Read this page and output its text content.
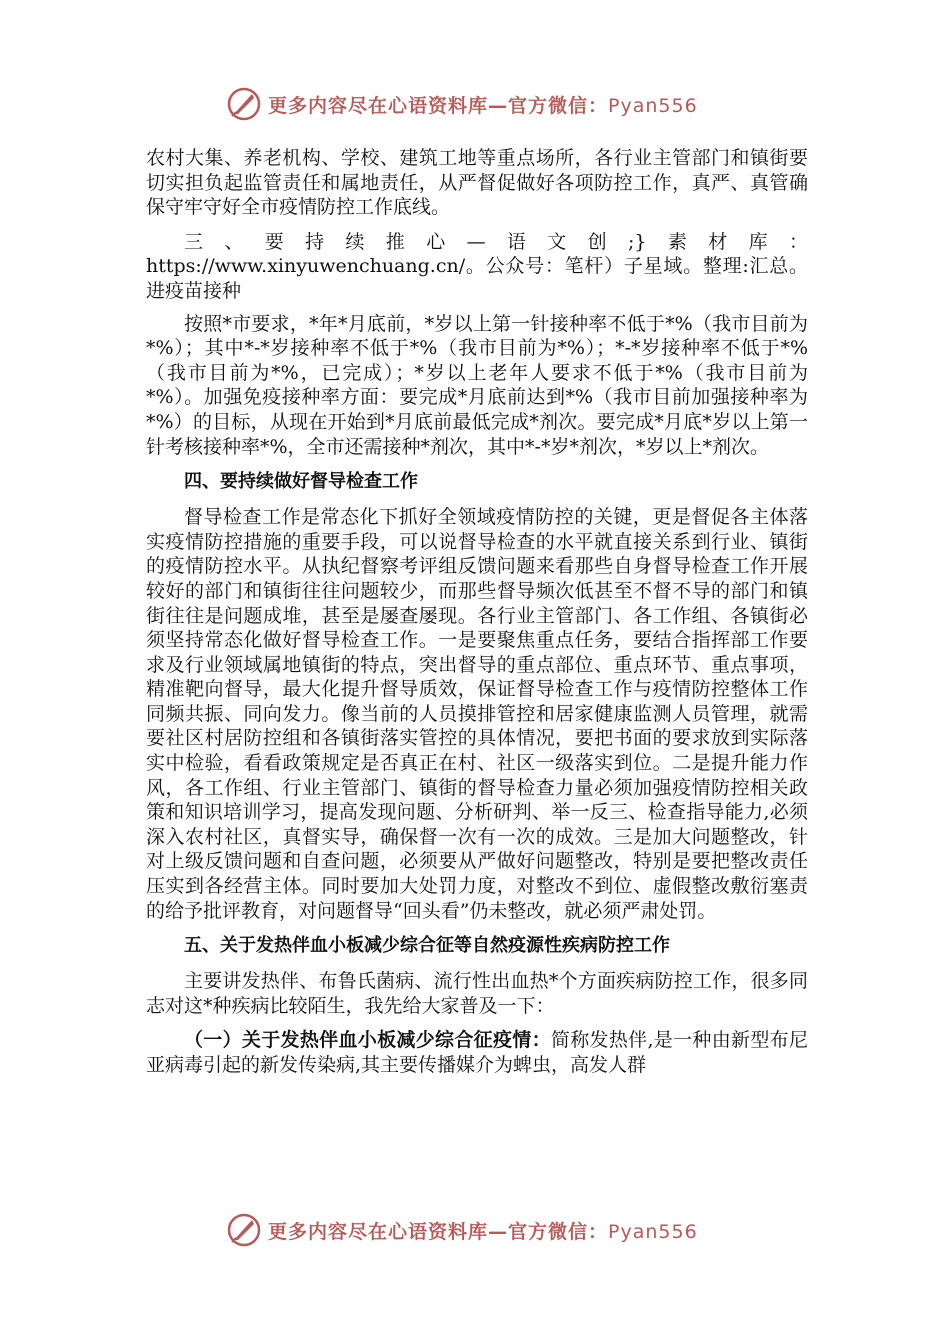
更多内容尽在心语资料库—官方微信：Pyan556

农村大集、养老机构、学校、建筑工地等重点场所，各行业主管部门和镇街要切实担负起监管责任和属地责任，从严督促做好各项防控工作，真严、真管确保守牢守好全市疫情防控工作底线。

三、要持续推心—语文创;}素材库：https://www.xinyuwenchuang.cn/。公众号：笔杆）子星域。整理:汇总。进疫苗接种

按照*市要求，*年*月底前，*岁以上第一针接种率不低于*%（我市目前为*%）；其中*-*岁接种率不低于*%（我市目前为*%）；*-*岁接种率不低于*%（我市目前为*%，已完成）；*岁以上老年人要求不低于*%（我市目前为*%）。加强免疫接种率方面：要完成*月底前达到*%（我市目前加强接种率为*%）的目标，从现在开始到*月底前最低完成*剂次。要完成*月底*岁以上第一针考核接种率*%，全市还需接种*剂次，其中*-*岁*剂次，*岁以上*剂次。

四、要持续做好督导检查工作

督导检查工作是常态化下抓好全领域疫情防控的关键，更是督促各主体落实疫情防控措施的重要手段，可以说督导检查的水平就直接关系到行业、镇街的疫情防控水平。从执纪督察考评组反馈问题来看那些自身督导检查工作开展较好的部门和镇街往往问题较少，而那些督导频次低甚至不督不导的部门和镇街往往是问题成堆，甚至是屡查屡现。各行业主管部门、各工作组、各镇街必须坚持常态化做好督导检查工作。一是要聚焦重点任务，要结合指挥部工作要求及行业领域属地镇街的特点，突出督导的重点部位、重点环节、重点事项，精准靶向督导，最大化提升督导质效，保证督导检查工作与疫情防控整体工作同频共振、同向发力。像当前的人员摸排管控和居家健康监测人员管理，就需要社区村居防控组和各镇街落实管控的具体情况，要把书面的要求放到实际落实中检验，看看政策规定是否真正在村、社区一级落实到位。二是提升能力作风，各工作组、行业主管部门、镇街的督导检查力量必须加强疫情防控相关政策和知识培训学习，提高发现问题、分析研判、举一反三、检查指导能力,必须深入农村社区，真督实导，确保督一次有一次的成效。三是加大问题整改，针对上级反馈问题和自查问题，必须要从严做好问题整改，特别是要把整改责任压实到各经营主体。同时要加大处罚力度，对整改不到位、虚假整改敷衍塞责的给予批评教育，对问题督导“回头看”仍未整改，就必须严肃处罚。

五、关于发热伴血小板减少综合征等自然疫源性疾病防控工作

主要讲发热伴、布鲁氏菌病、流行性出血热*个方面疾病防控工作，很多同志对这*种疾病比较陌生，我先给大家普及一下：

（一）关于发热伴血小板减少综合征疫情：简称发热伴,是一种由新型布尼亚病毒引起的新发传染病,其主要传播媒介为蜱虫，高发人群

更多内容尽在心语资料库—官方微信：Pyan556
